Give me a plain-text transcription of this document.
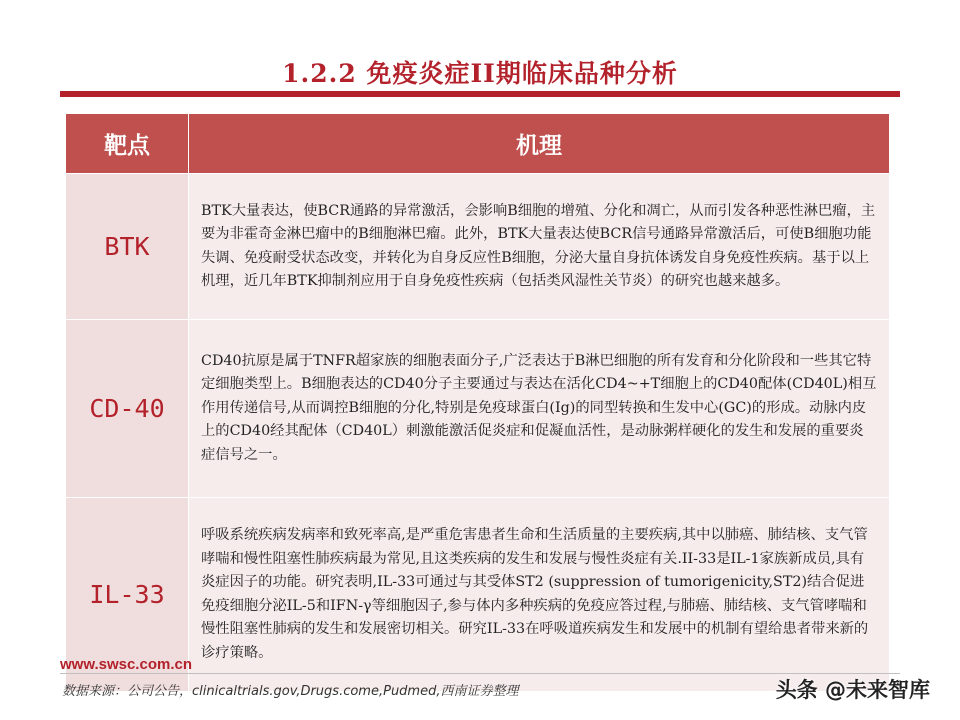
1.2.2 免疫炎症II期临床品种分析
靶点	机理
BTK	BTK大量表达，使BCR通路的异常激活，会影响B细胞的增殖、分化和凋亡，从而引发各种恶性淋巴瘤，主要为非霍奇金淋巴瘤中的B细胞淋巴瘤。此外，BTK大量表达使BCR信号通路异常激活后，可使B细胞功能失调、免疫耐受状态改变，并转化为自身反应性B细胞，分泌大量自身抗体诱发自身免疫性疾病。基于以上机理，近几年BTK抑制剂应用于自身免疫性疾病（包括类风湿性关节炎）的研究也越来越多。
CD-40	CD40抗原是属于TNFR超家族的细胞表面分子,广泛表达于B淋巴细胞的所有发育和分化阶段和一些其它特定细胞类型上。B细胞表达的CD40分子主要通过与表达在活化CD4~+T细胞上的CD40配体(CD40L)相互作用传递信号,从而调控B细胞的分化,特别是免疫球蛋白(Ig)的同型转换和生发中心(GC)的形成。动脉内皮上的CD40经其配体（CD40L）刺激能激活促炎症和促凝血活性，是动脉粥样硬化的发生和发展的重要炎症信号之一。
IL-33	呼吸系统疾病发病率和致死率高,是严重危害患者生命和生活质量的主要疾病,其中以肺癌、肺结核、支气管哮喘和慢性阻塞性肺疾病最为常见,且这类疾病的发生和发展与慢性炎症有关.II-33是IL-1家族新成员,具有炎症因子的功能。研究表明,IL-33可通过与其受体ST2 (suppression of tumorigenicity,ST2)结合促进免疫细胞分泌IL-5和IFN-γ等细胞因子,参与体内多种疾病的免疫应答过程,与肺癌、肺结核、支气管哮喘和慢性阻塞性肺病的发生和发展密切相关。研究IL-33在呼吸道疾病发生和发展中的机制有望给患者带来新的诊疗策略。
www.swsc.com.cn
数据来源：公司公告，clinicaltrials.gov,Drugs.come,Pudmed,西南证券整理	头条 @未来智库
